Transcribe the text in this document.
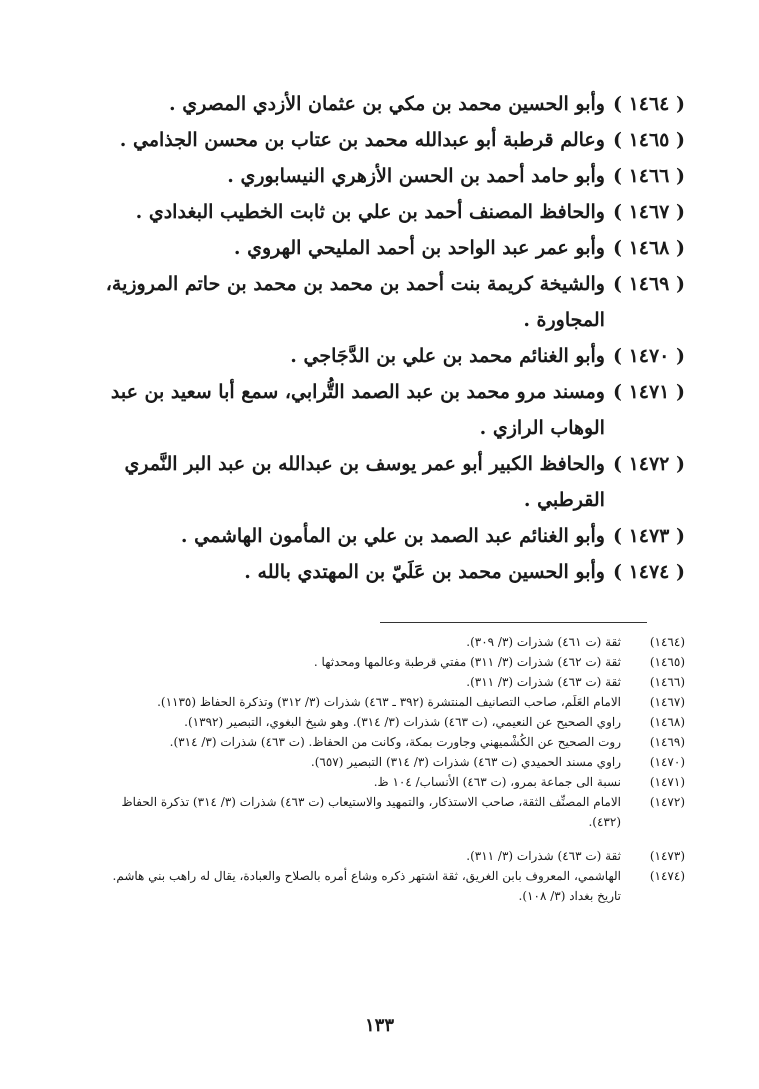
( ١٤٦٤ )
وأبو الحسين محمد بن مكي بن عثمان الأزدي المصري .
( ١٤٦٥ )
وعالم قرطبة أبو عبدالله محمد بن عتاب بن محسن الجذامي .
( ١٤٦٦ )
وأبو حامد أحمد بن الحسن الأزهري النيسابوري .
( ١٤٦٧ )
والحافظ المصنف أحمد بن علي بن ثابت الخطيب البغدادي .
( ١٤٦٨ )
وأبو عمر عبد الواحد بن أحمد المليحي الهروي .
( ١٤٦٩ )
والشيخة كريمة بنت أحمد بن محمد بن محمد بن حاتم المروزية، المجاورة .
( ١٤٧٠ )
وأبو الغنائم محمد بن علي بن الدَّجَاجي .
( ١٤٧١ )
ومسند مرو محمد بن عبد الصمد التُّرابي، سمع أبا سعيد بن عبد الوهاب الرازي .
( ١٤٧٢ )
والحافظ الكبير أبو عمر يوسف بن عبدالله بن عبد البر النَّمري القرطبي .
( ١٤٧٣ )
وأبو الغنائم عبد الصمد بن علي بن المأمون الهاشمي .
( ١٤٧٤ )
وأبو الحسين محمد بن عَلَيّ بن المهتدي بالله .
(١٤٦٤)
ثقة (ت ٤٦١) شذرات (٣/ ٣٠٩).
(١٤٦٥)
ثقة (ت ٤٦٢) شذرات (٣/ ٣١١) مفتي قرطبة وعالمها ومحدثها .
(١٤٦٦)
ثقة (ت ٤٦٣) شذرات (٣/ ٣١١).
(١٤٦٧)
الامام العَلَم، صاحب التصانيف المنتشرة (٣٩٢ ـ ٤٦٣) شذرات (٣/ ٣١٢) وتذكرة الحفاظ (١١٣٥).
(١٤٦٨)
راوي الصحيح عن النعيمي، (ت ٤٦٣) شذرات (٣/ ٣١٤). وهو شيخ البغوي، التبصير (١٣٩٢).
(١٤٦٩)
روت الصحيح عن الكُشْميهني وجاورت بمكة، وكانت من الحفاظ. (ت ٤٦٣) شذرات (٣/ ٣١٤).
(١٤٧٠)
راوي مسند الحميدي (ت ٤٦٣) شذرات (٣/ ٣١٤) التبصير (٦٥٧).
(١٤٧١)
نسبة الى جماعة بمرو، (ت ٤٦٣) الأنساب/ ١٠٤ ظ.
(١٤٧٢)
الامام المصنِّف الثقة، صاحب الاستذكار، والتمهيد والاستيعاب (ت ٤٦٣) شذرات (٣/ ٣١٤) تذكرة الحفاظ (٤٣٢).
(١٤٧٣)
ثقة (ت ٤٦٣) شذرات (٣/ ٣١١).
(١٤٧٤)
الهاشمي، المعروف بابن الغريق، ثقة اشتهر ذكره وشاع أمره بالصلاح والعبادة، يقال له راهب بني هاشم. تاريخ بغداد (٣/ ١٠٨).
١٣٣
